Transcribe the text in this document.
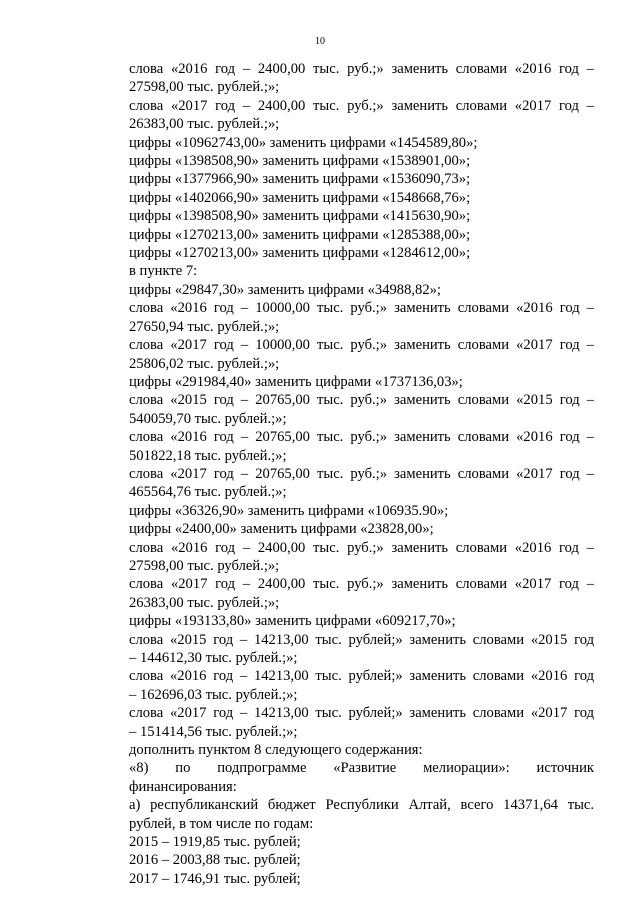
10

слова «2016 год – 2400,00 тыс. руб.;» заменить словами «2016 год –
27598,00 тыс. рублей.;»;

слова «2017 год – 2400,00 тыс. руб.;» заменить словами «2017 год –
26383,00 тыс. рублей.;»;

цифры «10962743,00» заменить цифрами «1454589,80»;

цифры «1398508,90» заменить цифрами «1538901,00»;

цифры «1377966,90» заменить цифрами «1536090,73»;

цифры «1402066,90» заменить цифрами «1548668,76»;

цифры «1398508,90» заменить цифрами «1415630,90»;

цифры «1270213,00» заменить цифрами «1285388,00»;

цифры «1270213,00» заменить цифрами «1284612,00»;

в пункте 7:

цифры «29847,30» заменить цифрами «34988,82»;

слова «2016 год – 10000,00 тыс. руб.;» заменить словами «2016 год –
27650,94 тыс. рублей.;»;

слова «2017 год – 10000,00 тыс. руб.;» заменить словами «2017 год –
25806,02 тыс. рублей.;»;

цифры «291984,40» заменить цифрами «1737136,03»;

слова «2015 год – 20765,00 тыс. руб.;» заменить словами «2015 год –
540059,70 тыс. рублей.;»;

слова «2016 год – 20765,00 тыс. руб.;» заменить словами «2016 год –
501822,18 тыс. рублей.;»;

слова «2017 год – 20765,00 тыс. руб.;» заменить словами «2017 год –
465564,76 тыс. рублей.;»;

цифры «36326,90» заменить цифрами «106935.90»;

цифры «2400,00» заменить цифрами «23828,00»;

слова «2016 год – 2400,00 тыс. руб.;» заменить словами «2016 год –
27598,00 тыс. рублей.;»;

слова «2017 год – 2400,00 тыс. руб.;» заменить словами «2017 год –
26383,00 тыс. рублей.;»;

цифры «193133,80» заменить цифрами «609217,70»;

слова «2015 год – 14213,00 тыс. рублей;» заменить словами «2015 год
– 144612,30 тыс. рублей.;»;

слова «2016 год – 14213,00 тыс. рублей;» заменить словами «2016 год
– 162696,03 тыс. рублей.;»;

слова «2017 год – 14213,00 тыс. рублей;» заменить словами «2017 год
– 151414,56 тыс. рублей.;»;

дополнить пунктом 8 следующего содержания:

«8) по подпрограмме «Развитие мелиорации»: источник
финансирования:

а) республиканский бюджет Республики Алтай, всего 14371,64 тыс.
рублей, в том числе по годам:

2015 – 1919,85 тыс. рублей;

2016 – 2003,88 тыс. рублей;

2017 – 1746,91 тыс. рублей;
